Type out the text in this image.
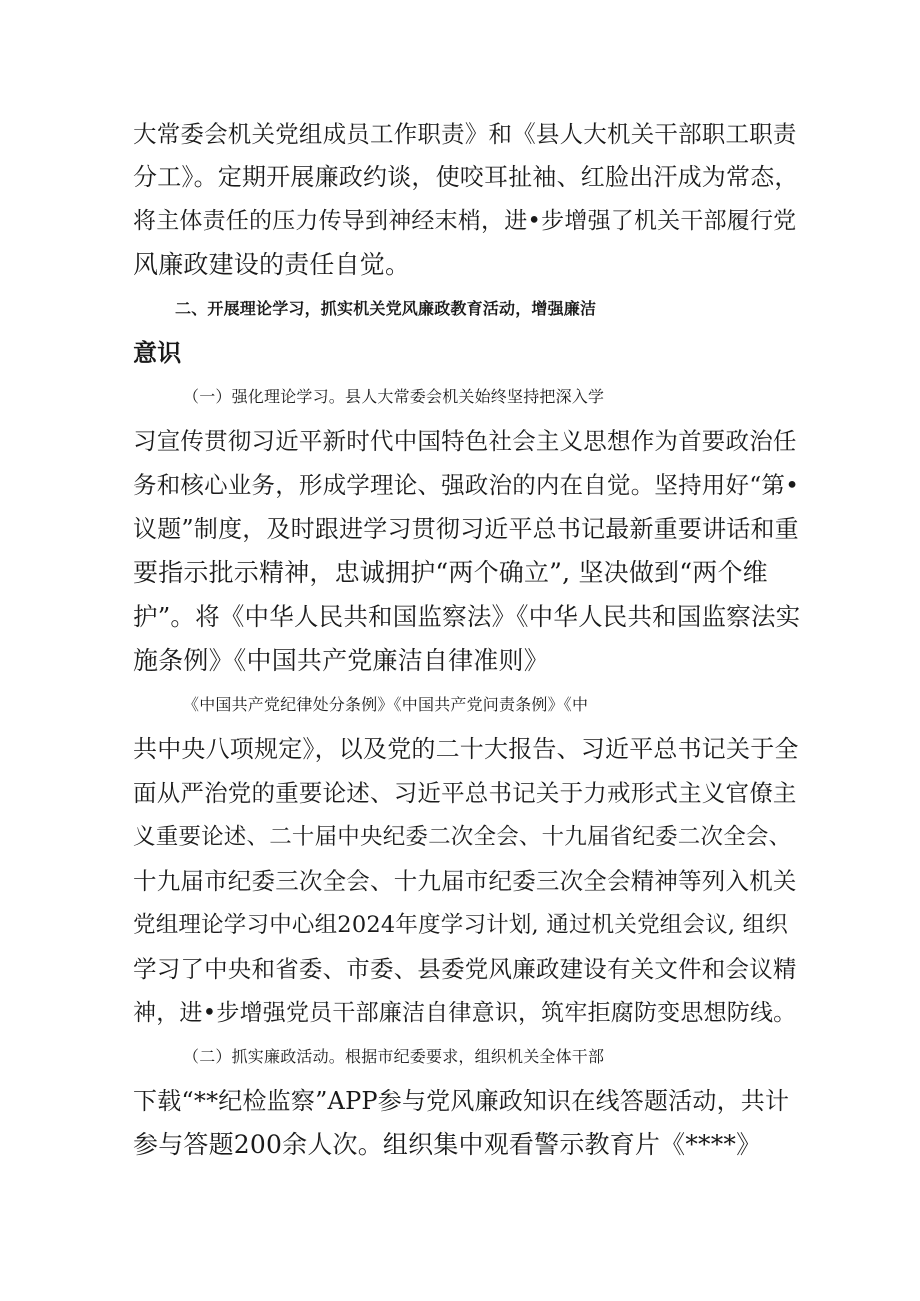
大常委会机关党组成员工作职责》和《县人大机关干部职工职责
分工》。定期开展廉政约谈，使咬耳扯袖、红脸出汗成为常态，
将主体责任的压力传导到神经末梢，进•步增强了机关干部履行党
风廉政建设的责任自觉。
二、开展理论学习，抓实机关党风廉政教育活动，增强廉洁
意识
（一）强化理论学习。县人大常委会机关始终坚持把深入学
习宣传贯彻习近平新时代中国特色社会主义思想作为首要政治任
务和核心业务，形成学理论、强政治的内在自觉。坚持用好“第•
议题”制度，及时跟进学习贯彻习近平总书记最新重要讲话和重
要指示批示精神，忠诚拥护“两个确立”, 坚决做到“两个维
护”。将《中华人民共和国监察法》《中华人民共和国监察法实
施条例》《中国共产党廉洁自律准则》
《中国共产党纪律处分条例》《中国共产党问责条例》《中
共中央八项规定》，以及党的二十大报告、习近平总书记关于全
面从严治党的重要论述、习近平总书记关于力戒形式主义官僚主
义重要论述、二十届中央纪委二次全会、十九届省纪委二次全会、
十九届市纪委三次全会、十九届市纪委三次全会精神等列入机关
党组理论学习中心组2024年度学习计划, 通过机关党组会议, 组织
学习了中央和省委、市委、县委党风廉政建设有关文件和会议精
神，进•步增强党员干部廉洁自律意识，筑牢拒腐防变思想防线。
（二）抓实廉政活动。根据市纪委要求，组织机关全体干部
下载“**纪检监察”APP参与党风廉政知识在线答题活动，共计
参与答题200余人次。组织集中观看警示教育片《****》
